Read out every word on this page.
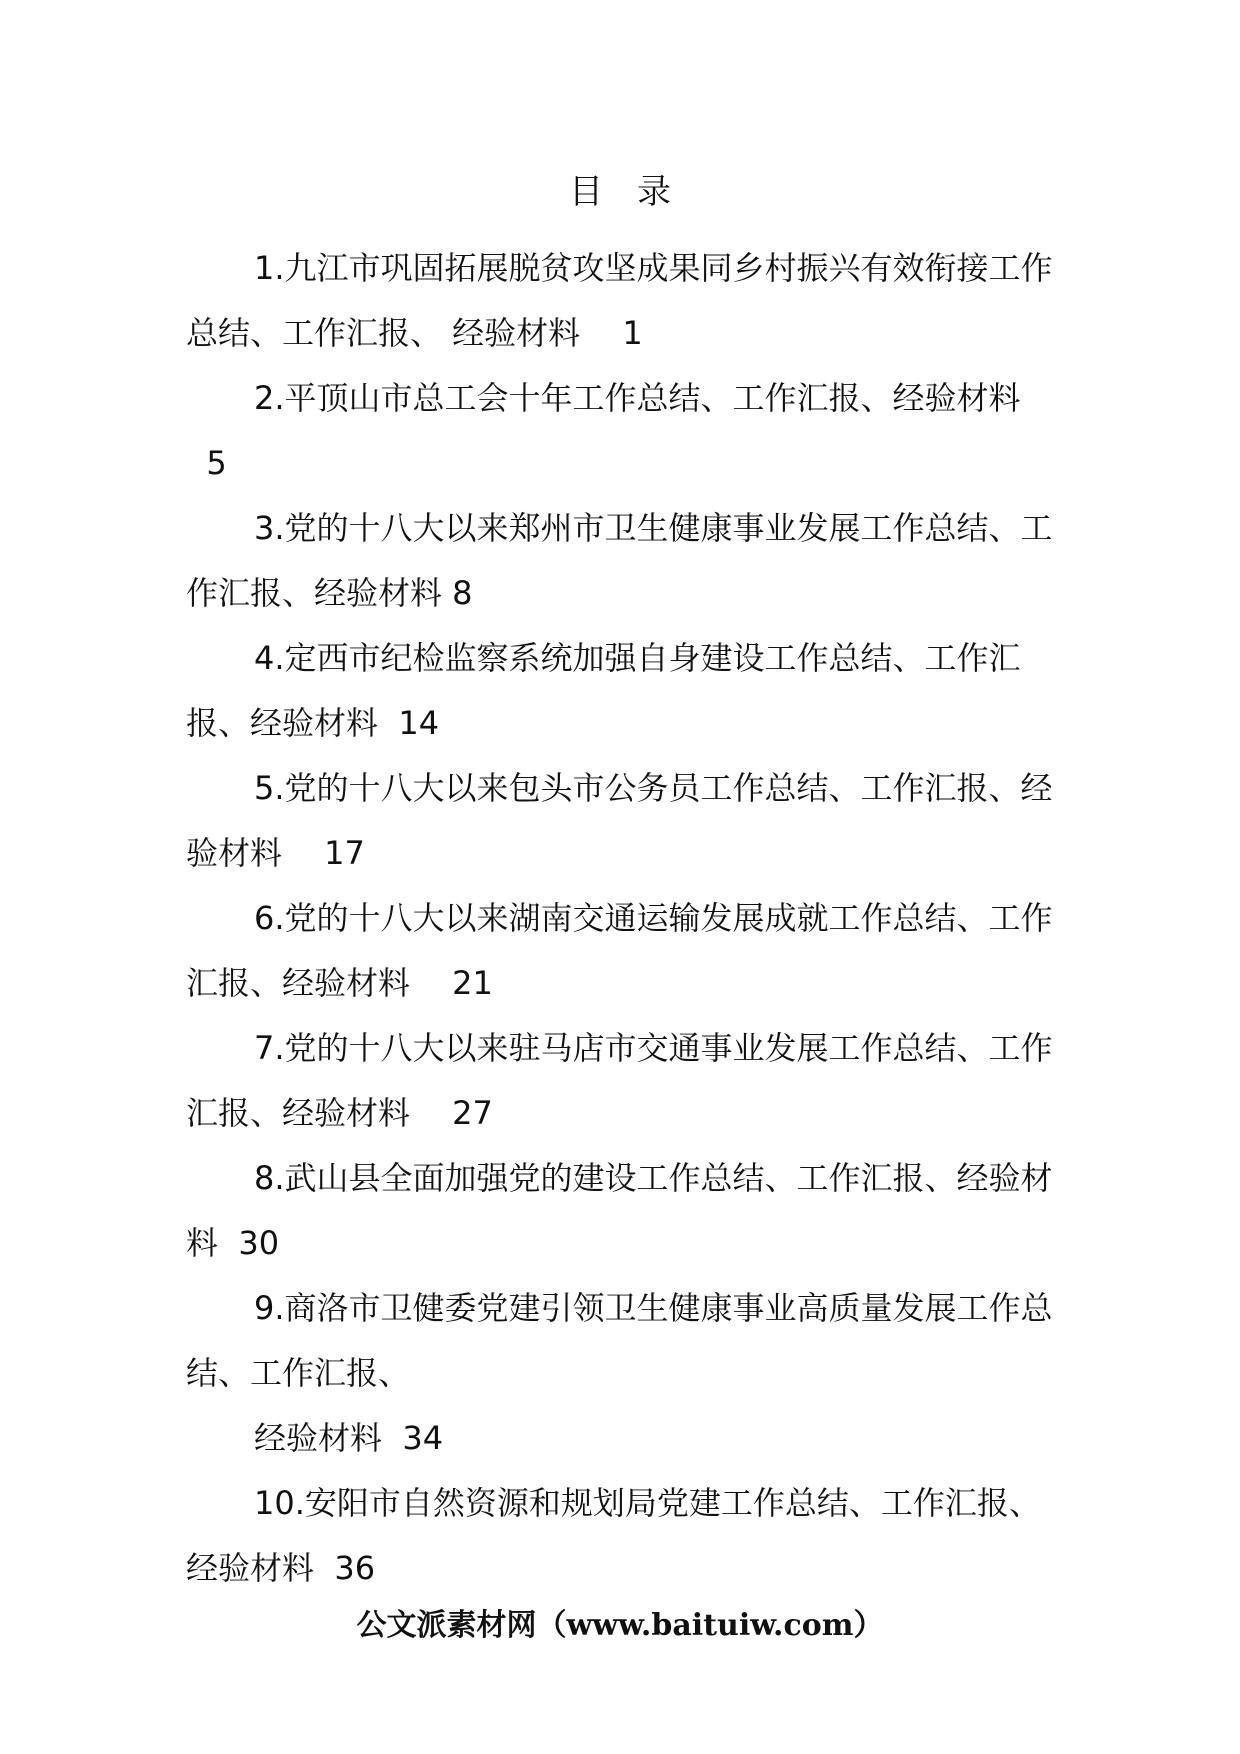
目　录

1.九江市巩固拓展脱贫攻坚成果同乡村振兴有效衔接工作总结、工作汇报、 经验材料　 1

2.平顶山市总工会十年工作总结、工作汇报、经验材料
5

3.党的十八大以来郑州市卫生健康事业发展工作总结、工作汇报、经验材料 8

4.定西市纪检监察系统加强自身建设工作总结、工作汇报、经验材料  14

5.党的十八大以来包头市公务员工作总结、工作汇报、经验材料　 17

6.党的十八大以来湖南交通运输发展成就工作总结、工作汇报、经验材料　 21

7.党的十八大以来驻马店市交通事业发展工作总结、工作汇报、经验材料　 27

8.武山县全面加强党的建设工作总结、工作汇报、经验材料  30

9.商洛市卫健委党建引领卫生健康事业高质量发展工作总结、工作汇报、
经验材料  34

10.安阳市自然资源和规划局党建工作总结、工作汇报、经验材料  36

公文派素材网（www.baituiw.com）
